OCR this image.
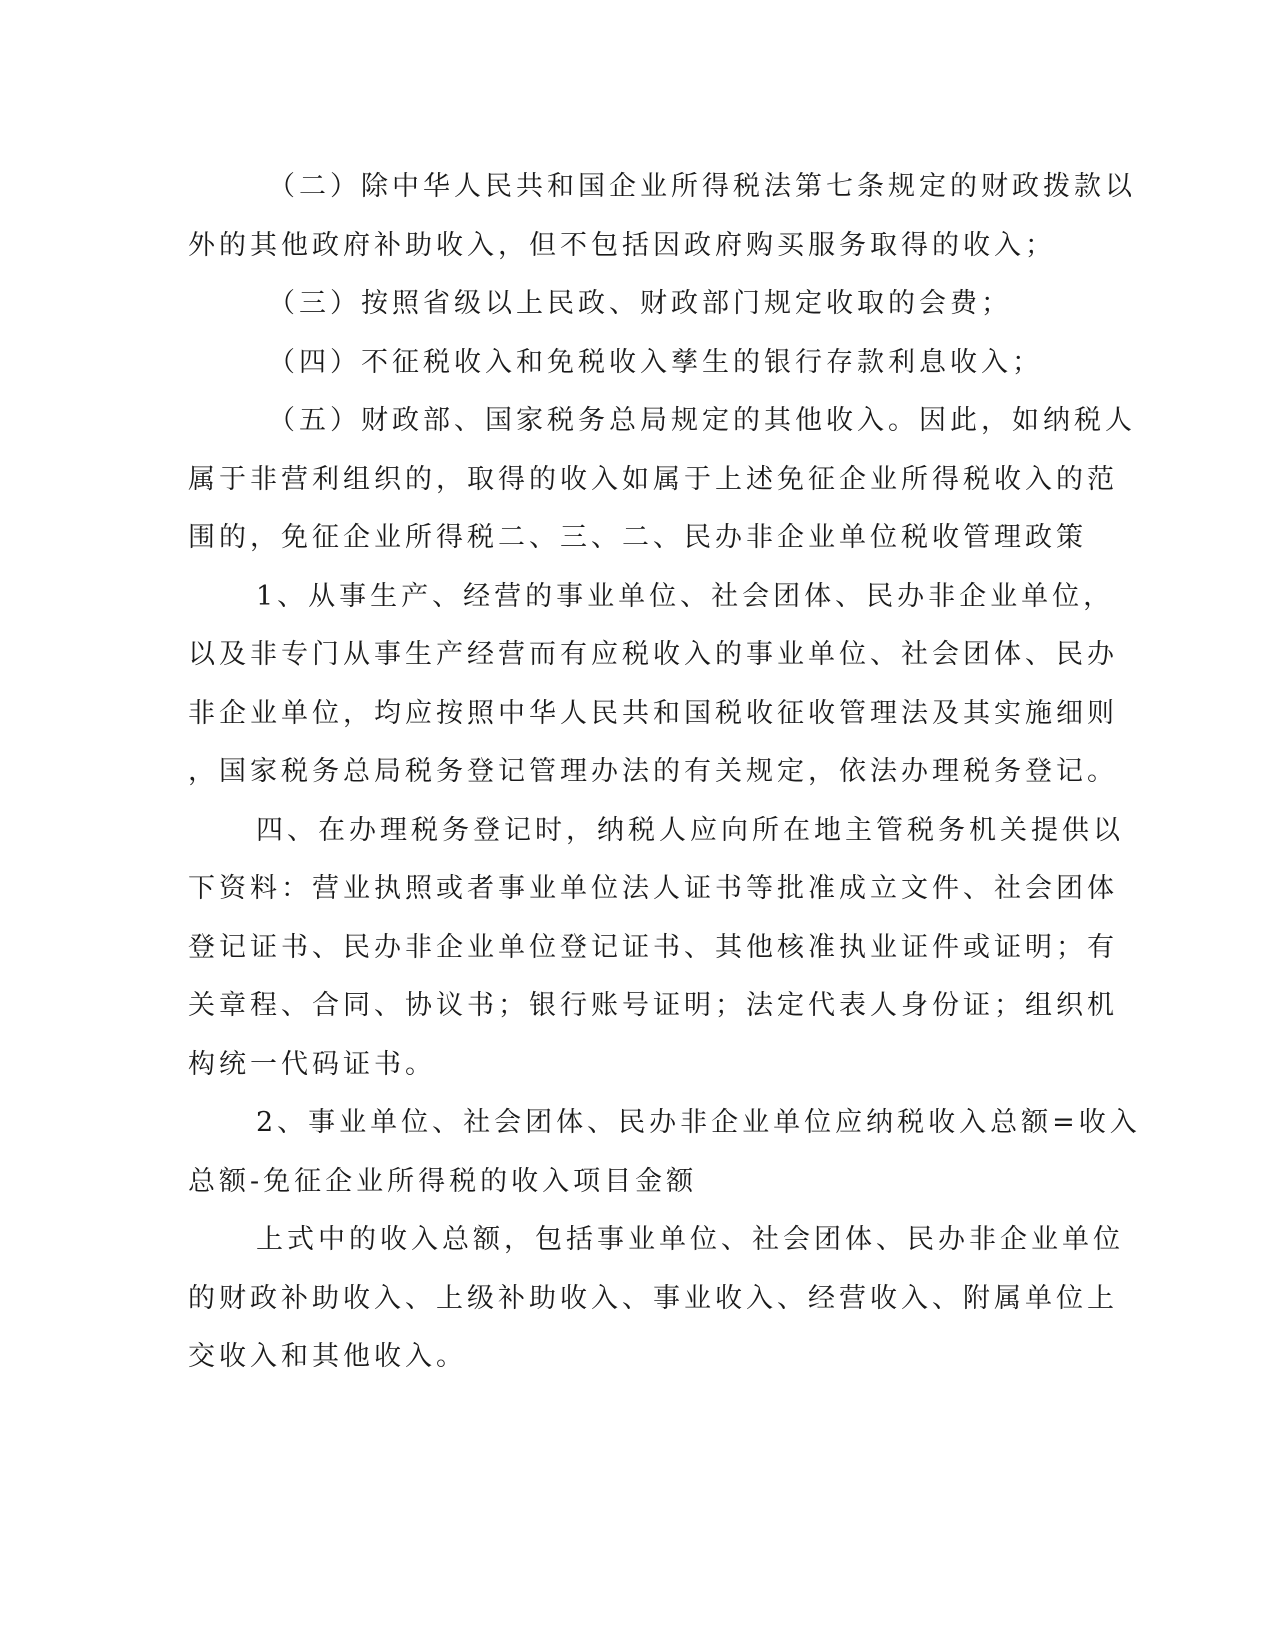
（二）除中华人民共和国企业所得税法第七条规定的财政拨款以
外的其他政府补助收入，但不包括因政府购买服务取得的收入；
（三）按照省级以上民政、财政部门规定收取的会费；
（四）不征税收入和免税收入孳生的银行存款利息收入；
（五）财政部、国家税务总局规定的其他收入。因此，如纳税人
属于非营利组织的，取得的收入如属于上述免征企业所得税收入的范
围的，免征企业所得税二、三、二、民办非企业单位税收管理政策
1、从事生产、经营的事业单位、社会团体、民办非企业单位，
以及非专门从事生产经营而有应税收入的事业单位、社会团体、民办
非企业单位，均应按照中华人民共和国税收征收管理法及其实施细则
，国家税务总局税务登记管理办法的有关规定，依法办理税务登记。
四、在办理税务登记时，纳税人应向所在地主管税务机关提供以
下资料：营业执照或者事业单位法人证书等批准成立文件、社会团体
登记证书、民办非企业单位登记证书、其他核准执业证件或证明；有
关章程、合同、协议书；银行账号证明；法定代表人身份证；组织机
构统一代码证书。
2、事业单位、社会团体、民办非企业单位应纳税收入总额=收入
总额-免征企业所得税的收入项目金额
上式中的收入总额，包括事业单位、社会团体、民办非企业单位
的财政补助收入、上级补助收入、事业收入、经营收入、附属单位上
交收入和其他收入。
